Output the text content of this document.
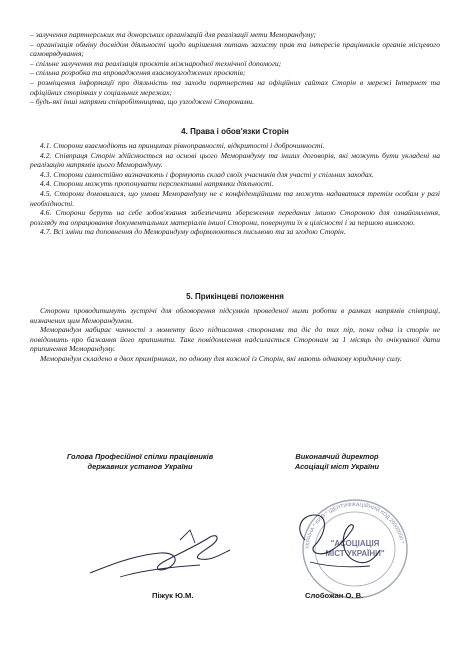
– залучення партнерських та донорських організацій для реалізації мети Меморандуму;

– організація обміну досвідом діяльності щодо вирішення питань захисту прав та інтересів працівників органів місцевого самоврядування;

– спільне залучення та реалізація проєктів міжнародної технічної допомоги;

– спільна розробка та впровадження взаємоузгоджених проєктів;

– розміщення інформації про діяльність та заходи партнерства на офіційних сайтах Сторін в мережі Інтернет та офіційних сторінках у соціальних мережах;

– будь-які інші напрями співробітництва, що узгоджені Сторонами.

4. Права і обов'язки Сторін

4.1. Сторони взаємодіють на принципах рівноправності, відкритості і доброчинності.

4.2. Співпраця Сторін здійснюється на основі цього Меморандуму та інших договорів, які можуть бути укладені на реалізацію напрямів цього Меморандуму.

4.3. Сторони самостійно визначають і формують склад своїх учасників для участі у спільних заходах.

4.4. Сторони можуть пропонувати перспективні напрямки діяльності.

4.5. Сторони домовилися, що умови Меморандуму не є конфіденційними та можуть надаватися третім особам у разі необхідності.

4.6. Сторони беруть на себе зобов'язання забезпечити збереження переданих іншою Стороною для ознайомлення, розгляду та опрацювання документальних матеріалів іншої Сторони, повернути їх в цілісності і за першою вимогою.

4.7. Всі зміни та доповнення до Меморандуму оформлюються письмово та за згодою Сторін.

5. Прикінцеві положення

Сторони проводитимуть зустрічі для обговорення підсумків проведеної ними роботи в рамках напрямів співпраці, визначених цим Меморандумом.

Меморандум набирає чинності з моменту його підписання сторонами та діє до тих пір, поки одна із сторін не повідомить про бажання його припинити. Таке повідомлення надсилається Сторонам за 1 місяць до очікуваної дати припинення Меморандуму.

Меморандум складено в двох примірниках, по одному для кожної із Сторін, які мають однакову юридичну силу.

Голова Професійної спілки працівників
державних установ України
Виконавчий директор
Асоціації міст України
Піжук Ю.М.
УКРАЇНА * КИЇВ * ІДЕНТИФІКАЦІЙНИЙ КОД 20000000 *
"АСОЦІАЦІЯ
МІСТ УКРАЇНИ"
Слобожан О. В.
